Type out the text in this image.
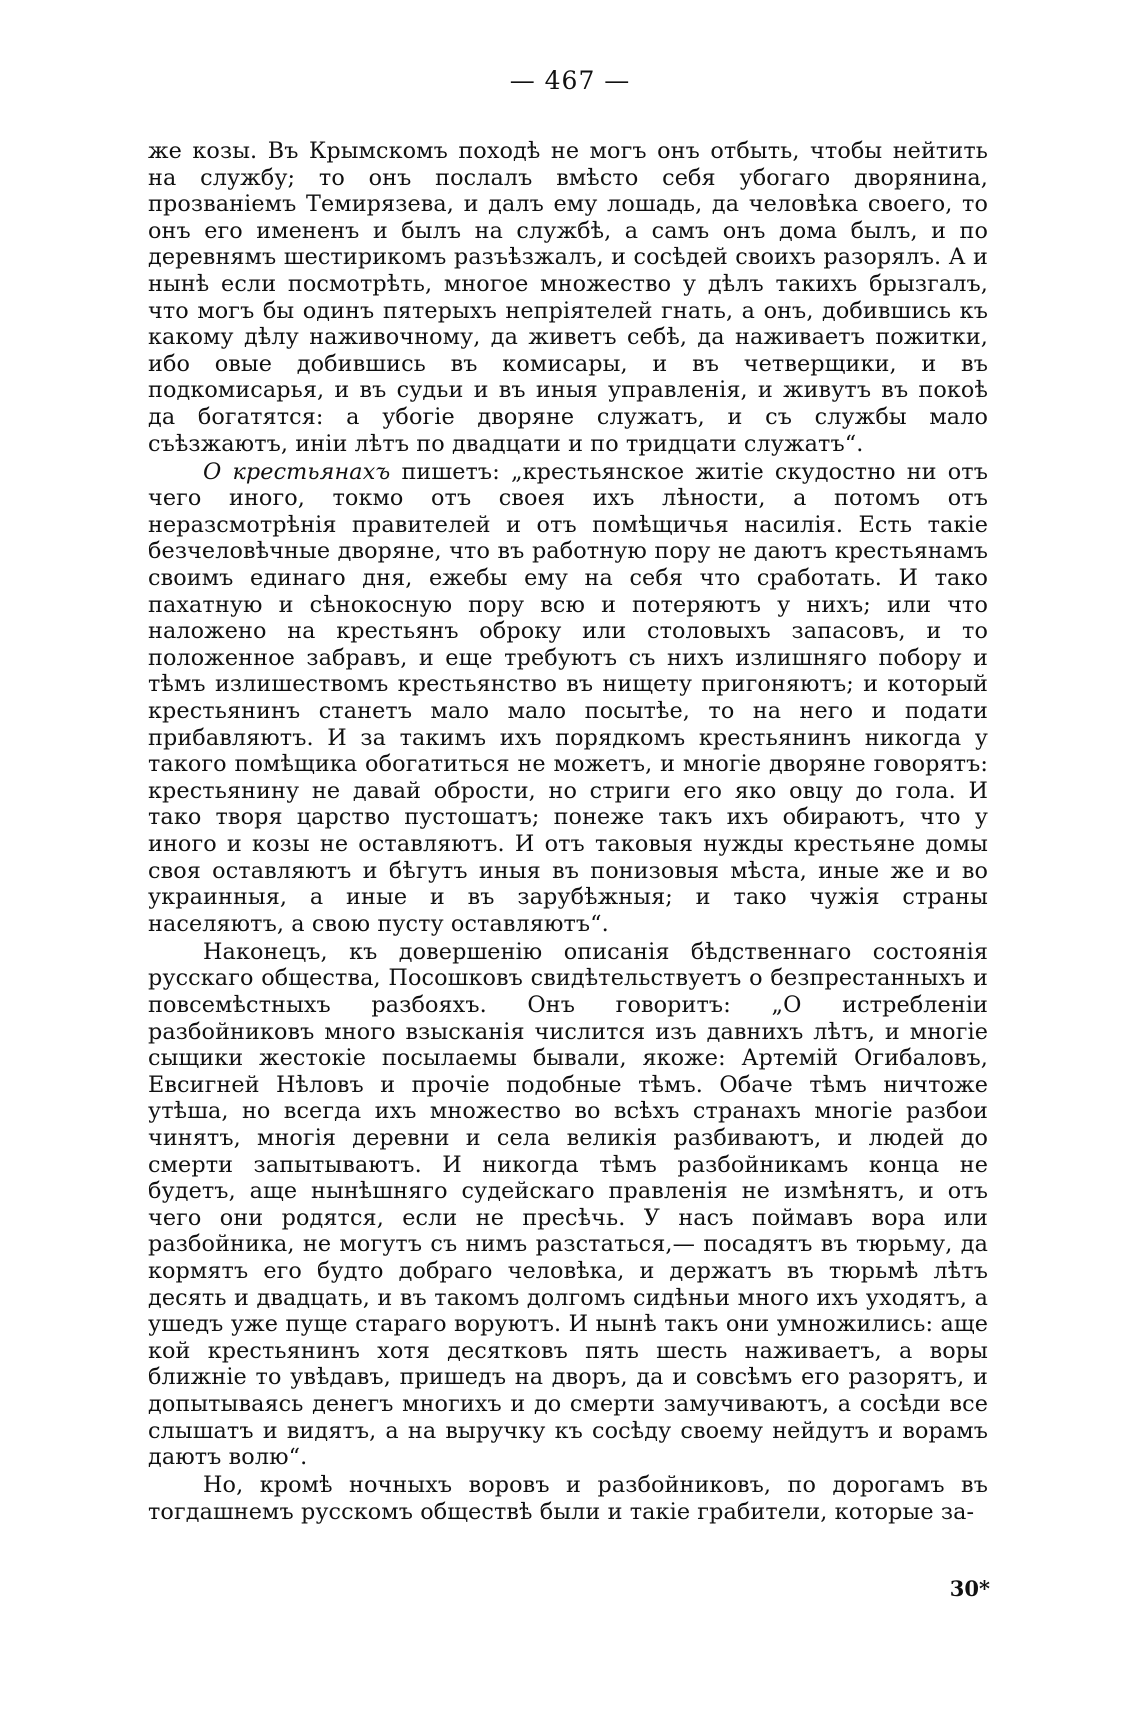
— 467 —

же козы. Въ Крымскомъ походѣ не могъ онъ отбыть, чтобы нейтить на службу; то онъ послалъ вмѣсто себя убогаго дворянина, прозваніемъ Темирязева, и далъ ему лошадь, да человѣка своего, то онъ его имененъ и былъ на службѣ, а самъ онъ дома былъ, и по деревнямъ шестирикомъ разъѣзжалъ, и сосѣдей своихъ разорялъ. А и нынѣ если посмотрѣть, многое множество у дѣлъ такихъ брызгалъ, что могъ бы одинъ пятерыхъ непріятелей гнать, а онъ, добившись къ какому дѣлу наживочному, да живетъ себѣ, да наживаетъ пожитки, ибо овые добившись въ комисары, и въ четверщики, и въ подкомисарья, и въ судьи и въ иныя управленія, и живутъ въ покоѣ да богатятся: а убогіе дворяне служатъ, и съ службы мало съѣзжаютъ, иніи лѣтъ по двадцати и по тридцати служатъ“.

О крестьянахъ пишетъ: „крестьянское житіе скудостно ни отъ чего иного, токмо отъ своея ихъ лѣности, а потомъ отъ неразсмотрѣнія правителей и отъ помѣщичья насилія. Есть такіе безчеловѣчные дворяне, что въ работную пору не даютъ крестьянамъ своимъ единаго дня, ежебы ему на себя что сработать. И тако пахатную и сѣнокосную пору всю и потеряютъ у нихъ; или что наложено на крестьянъ оброку или столовыхъ запасовъ, и то положенное забравъ, и еще требуютъ съ нихъ излишняго побору и тѣмъ излишествомъ крестьянство въ нищету пригоняютъ; и который крестьянинъ станетъ мало мало посытѣе, то на него и подати прибавляютъ. И за такимъ ихъ порядкомъ крестьянинъ никогда у такого помѣщика обогатиться не можетъ, и многіе дворяне говорятъ: крестьянину не давай обрости, но стриги его яко овцу до гола. И тако творя царство пустошатъ; понеже такъ ихъ обираютъ, что у иного и козы не оставляютъ. И отъ таковыя нужды крестьяне домы своя оставляютъ и бѣгутъ иныя въ понизовыя мѣста, иные же и во украинныя, а иные и въ зарубѣжныя; и тако чужія страны населяютъ, а свою пусту оставляютъ“.

Наконецъ, къ довершенію описанія бѣдственнаго состоянія русскаго общества, Посошковъ свидѣтельствуетъ о безпрестанныхъ и повсемѣстныхъ разбояхъ. Онъ говоритъ: „О истребленіи разбойниковъ много взысканія числится изъ давнихъ лѣтъ, и многіе сыщики жестокіе посылаемы бывали, якоже: Артемій Огибаловъ, Евсигней Нѣловъ и прочіе подобные тѣмъ. Обаче тѣмъ ничтоже утѣша, но всегда ихъ множество во всѣхъ странахъ многіе разбои чинятъ, многія деревни и села великія разбиваютъ, и людей до смерти запытываютъ. И никогда тѣмъ разбойникамъ конца не будетъ, аще нынѣшняго судейскаго правленія не измѣнятъ, и отъ чего они родятся, если не пресѣчь. У насъ поймавъ вора или разбойника, не могутъ съ нимъ разстаться,— посадятъ въ тюрьму, да кормятъ его будто добраго человѣка, и держатъ въ тюрьмѣ лѣтъ десять и двадцать, и въ такомъ долгомъ сидѣньи много ихъ уходятъ, а ушедъ уже пуще стараго воруютъ. И нынѣ такъ они умножились: аще кой крестьянинъ хотя десятковъ пять шесть наживаетъ, а воры ближніе то увѣдавъ, пришедъ на дворъ, да и совсѣмъ его разорятъ, и допытываясь денегъ многихъ и до смерти замучиваютъ, а сосѣди все слышатъ и видятъ, а на выручку къ сосѣду своему нейдутъ и ворамъ даютъ волю“.

Но, кромѣ ночныхъ воровъ и разбойниковъ, по дорогамъ въ тогдашнемъ русскомъ обществѣ были и такіе грабители, которые за-

30*
